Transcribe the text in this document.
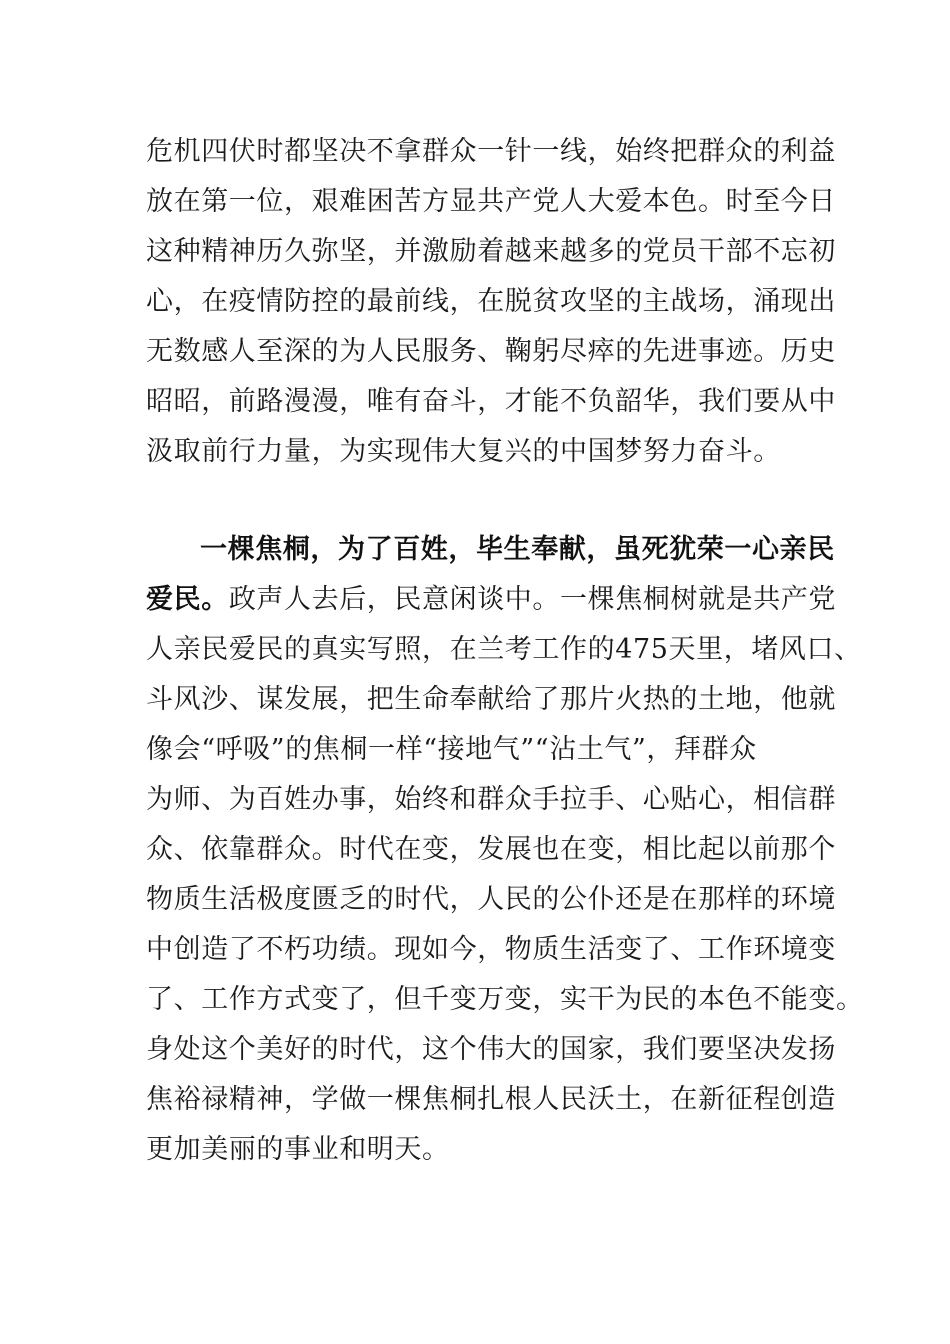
危机四伏时都坚决不拿群众一针一线，始终把群众的利益
放在第一位，艰难困苦方显共产党人大爱本色。时至今日
这种精神历久弥坚，并激励着越来越多的党员干部不忘初
心，在疫情防控的最前线，在脱贫攻坚的主战场，涌现出
无数感人至深的为人民服务、鞠躬尽瘁的先进事迹。历史
昭昭，前路漫漫，唯有奋斗，才能不负韶华，我们要从中
汲取前行力量，为实现伟大复兴的中国梦努力奋斗。
一棵焦桐，为了百姓，毕生奉献，虽死犹荣一心亲民
爱民。政声人去后，民意闲谈中。一棵焦桐树就是共产党
人亲民爱民的真实写照，在兰考工作的475天里，堵风口、
斗风沙、谋发展，把生命奉献给了那片火热的土地，他就
像会“呼吸”的焦桐一样“接地气”“沾土气”，拜群众
为师、为百姓办事，始终和群众手拉手、心贴心，相信群
众、依靠群众。时代在变，发展也在变，相比起以前那个
物质生活极度匮乏的时代，人民的公仆还是在那样的环境
中创造了不朽功绩。现如今，物质生活变了、工作环境变
了、工作方式变了，但千变万变，实干为民的本色不能变。
身处这个美好的时代，这个伟大的国家，我们要坚决发扬
焦裕禄精神，学做一棵焦桐扎根人民沃土，在新征程创造
更加美丽的事业和明天。
